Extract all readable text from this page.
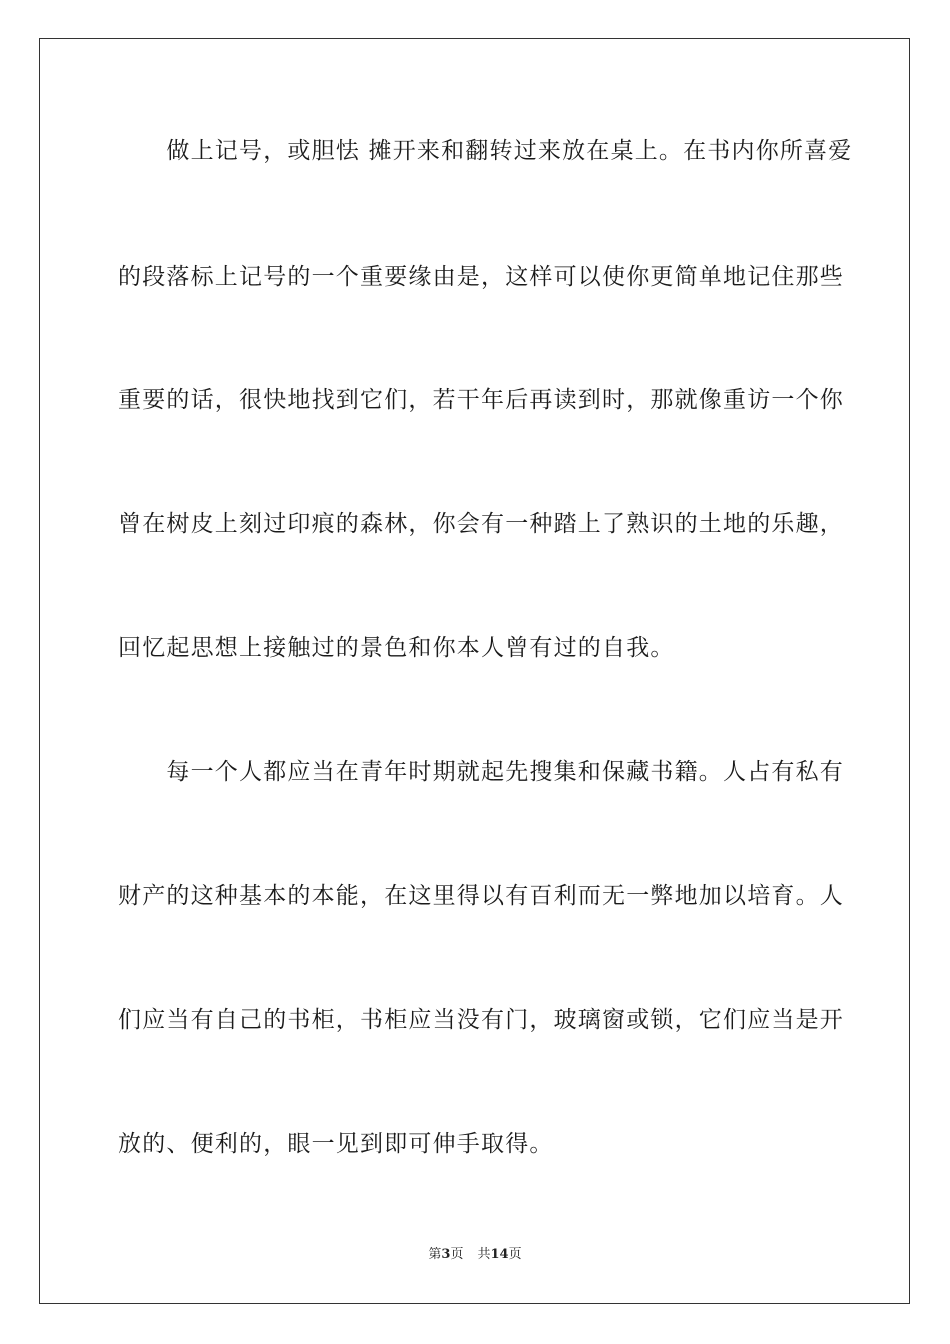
　　做上记号，或胆怯 摊开来和翻转过来放在桌上。在书内你所喜爱
的段落标上记号的一个重要缘由是，这样可以使你更简单地记住那些
重要的话，很快地找到它们，若干年后再读到时，那就像重访一个你
曾在树皮上刻过印痕的森林，你会有一种踏上了熟识的土地的乐趣，
回忆起思想上接触过的景色和你本人曾有过的自我。
　　每一个人都应当在青年时期就起先搜集和保藏书籍。人占有私有
财产的这种基本的本能，在这里得以有百利而无一弊地加以培育。人
们应当有自己的书柜，书柜应当没有门，玻璃窗或锁，它们应当是开
放的、便利的，眼一见到即可伸手取得。
第3页 共14页
